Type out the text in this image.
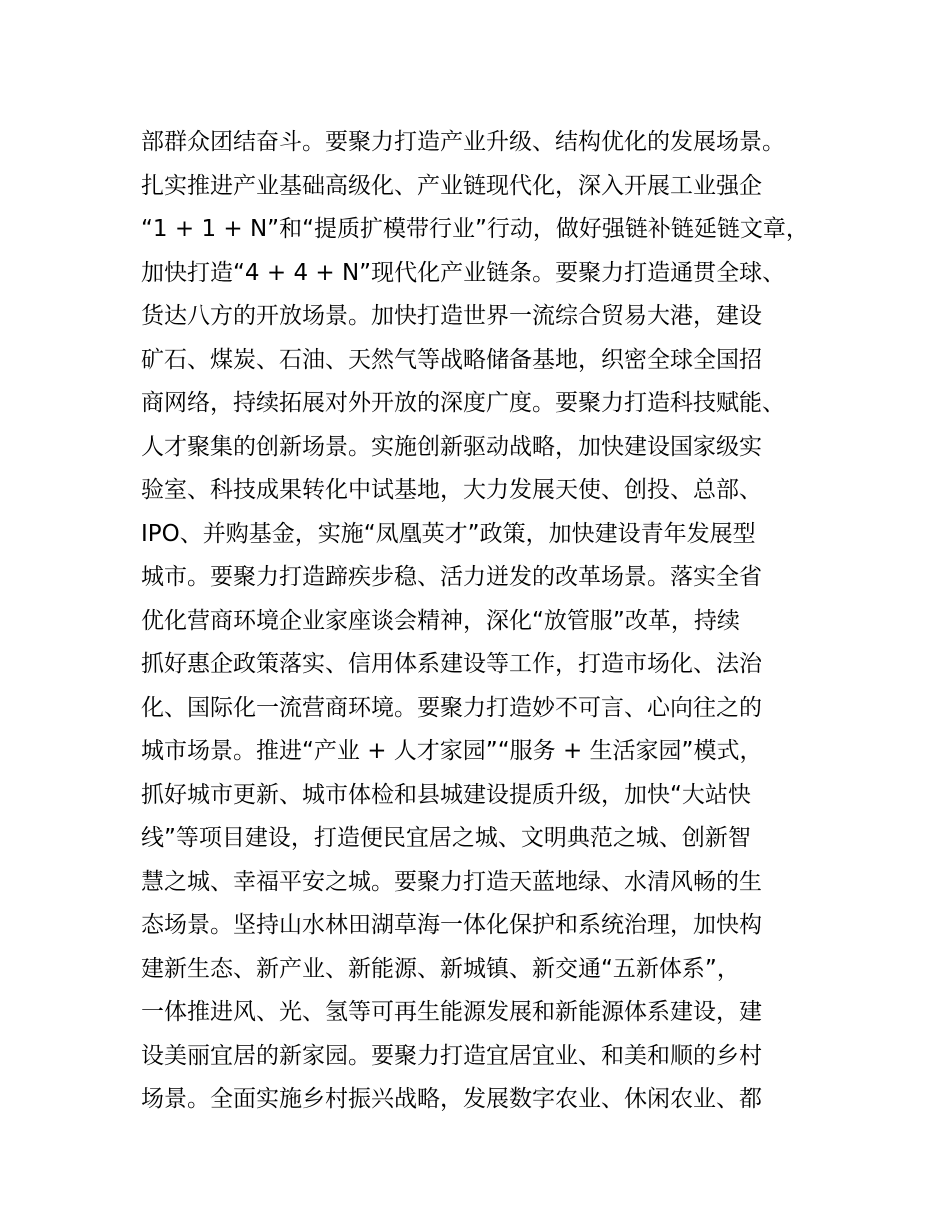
部群众团结奋斗。要聚力打造产业升级、结构优化的发展场景。
扎实推进产业基础高级化、产业链现代化，深入开展工业强企
“1 + 1 + N”和“提质扩模带行业”行动，做好强链补链延链文章，
加快打造“4 + 4 + N”现代化产业链条。要聚力打造通贯全球、
货达八方的开放场景。加快打造世界一流综合贸易大港，建设
矿石、煤炭、石油、天然气等战略储备基地，织密全球全国招
商网络，持续拓展对外开放的深度广度。要聚力打造科技赋能、
人才聚集的创新场景。实施创新驱动战略，加快建设国家级实
验室、科技成果转化中试基地，大力发展天使、创投、总部、
IPO、并购基金，实施“凤凰英才”政策，加快建设青年发展型
城市。要聚力打造蹄疾步稳、活力迸发的改革场景。落实全省
优化营商环境企业家座谈会精神，深化“放管服”改革，持续
抓好惠企政策落实、信用体系建设等工作，打造市场化、法治
化、国际化一流营商环境。要聚力打造妙不可言、心向往之的
城市场景。推进“产业 + 人才家园”“服务 + 生活家园”模式，
抓好城市更新、城市体检和县城建设提质升级，加快“大站快
线”等项目建设，打造便民宜居之城、文明典范之城、创新智
慧之城、幸福平安之城。要聚力打造天蓝地绿、水清风畅的生
态场景。坚持山水林田湖草海一体化保护和系统治理，加快构
建新生态、新产业、新能源、新城镇、新交通“五新体系”，
一体推进风、光、氢等可再生能源发展和新能源体系建设，建
设美丽宜居的新家园。要聚力打造宜居宜业、和美和顺的乡村
场景。全面实施乡村振兴战略，发展数字农业、休闲农业、都
